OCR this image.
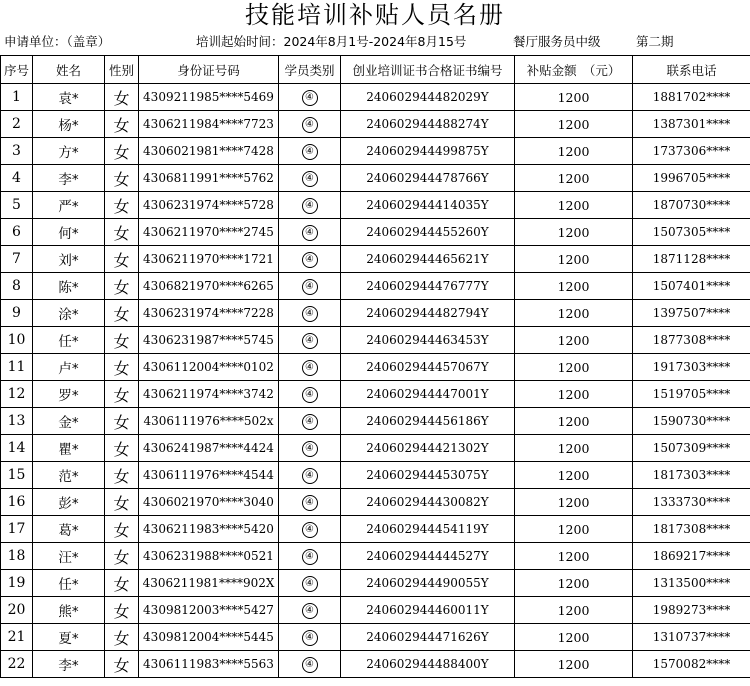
技能培训补贴人员名册
申请单位：（盖章）	培训起始时间：2024年8月1号-2024年8月15号	餐厅服务员中级	第二期
序号	姓名	性别	身份证号码	学员类别	创业培训证书合格证书编号	补贴金额　（元）	联系电话
1	袁*	女	4309211985****5469	④	240602944482029Y	1200	1881702****
2	杨*	女	4306211984****7723	④	240602944488274Y	1200	1387301****
3	方*	女	4306021981****7428	④	240602944499875Y	1200	1737306****
4	李*	女	4306811991****5762	④	240602944478766Y	1200	1996705****
5	严*	女	4306231974****5728	④	240602944414035Y	1200	1870730****
6	何*	女	4306211970****2745	④	240602944455260Y	1200	1507305****
7	刘*	女	4306211970****1721	④	240602944465621Y	1200	1871128****
8	陈*	女	4306821970****6265	④	240602944476777Y	1200	1507401****
9	涂*	女	4306231974****7228	④	240602944482794Y	1200	1397507****
10	任*	女	4306231987****5745	④	240602944463453Y	1200	1877308****
11	卢*	女	4306112004****0102	④	240602944457067Y	1200	1917303****
12	罗*	女	4306211974****3742	④	240602944447001Y	1200	1519705****
13	金*	女	4306111976****502x	④	240602944456186Y	1200	1590730****
14	瞿*	女	4306241987****4424	④	240602944421302Y	1200	1507309****
15	范*	女	4306111976****4544	④	240602944453075Y	1200	1817303****
16	彭*	女	4306021970****3040	④	240602944430082Y	1200	1333730****
17	葛*	女	4306211983****5420	④	240602944454119Y	1200	1817308****
18	汪*	女	4306231988****0521	④	240602944444527Y	1200	1869217****
19	任*	女	4306211981****902X	④	240602944490055Y	1200	1313500****
20	熊*	女	4309812003****5427	④	240602944460011Y	1200	1989273****
21	夏*	女	4309812004****5445	④	240602944471626Y	1200	1310737****
22	李*	女	4306111983****5563	④	240602944488400Y	1200	1570082****
